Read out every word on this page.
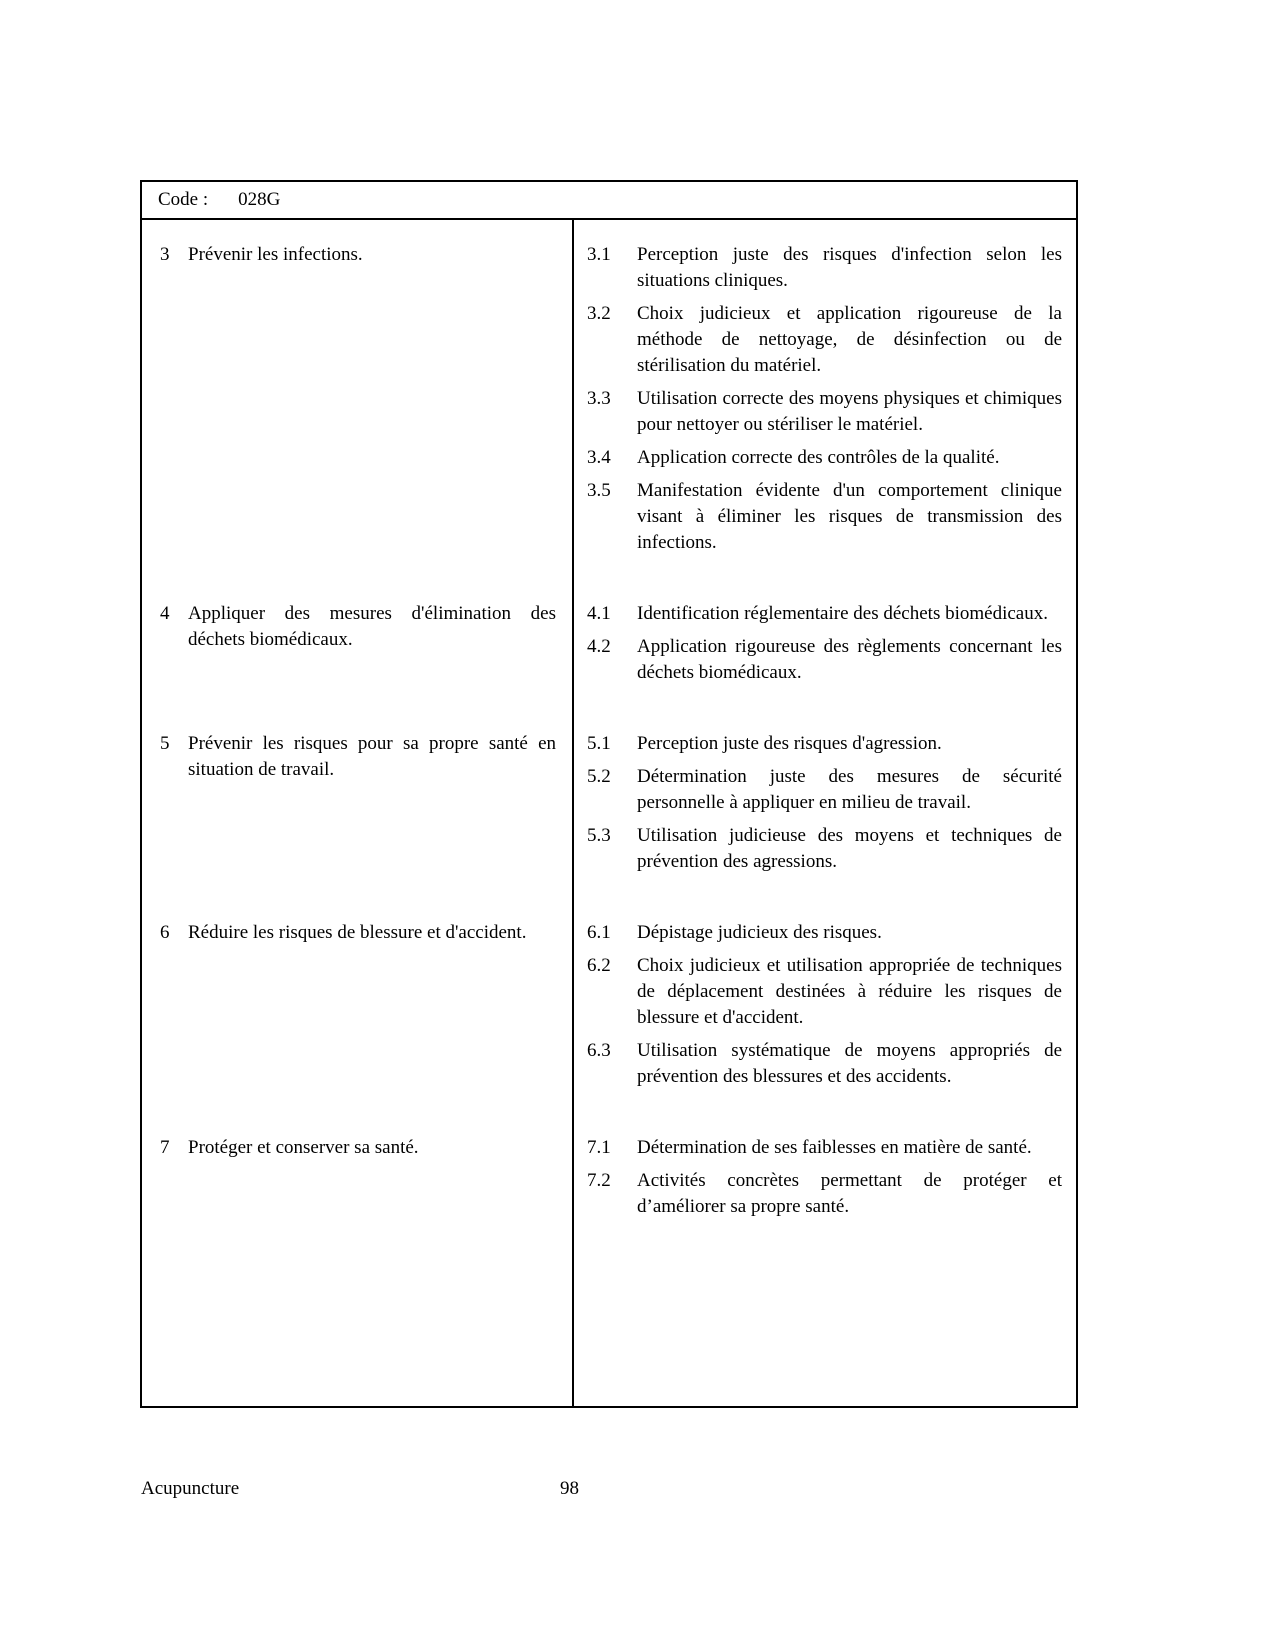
Code : 028G
3 Prévenir les infections.	3.1	Perception juste des risques d'infection selon les situations cliniques.
3.2	Choix judicieux et application rigoureuse de la méthode de nettoyage, de désinfection ou de stérilisation du matériel.
3.3	Utilisation correcte des moyens physiques et chimiques pour nettoyer ou stériliser le matériel.
3.4	Application correcte des contrôles de la qualité.
3.5	Manifestation évidente d'un comportement clinique visant à éliminer les risques de transmission des infections.
4 Appliquer des mesures d'élimination des déchets biomédicaux.
4.1	Identification réglementaire des déchets biomédicaux.
4.2	Application rigoureuse des règlements concernant les déchets biomédicaux.
5 Prévenir les risques pour sa propre santé en situation de travail.
5.1	Perception juste des risques d'agression.
5.2	Détermination juste des mesures de sécurité personnelle à appliquer en milieu de travail.
5.3	Utilisation judicieuse des moyens et techniques de prévention des agressions.
6 Réduire les risques de blessure et d'accident.	6.1	Dépistage judicieux des risques.
6.2	Choix judicieux et utilisation appropriée de techniques de déplacement destinées à réduire les risques de blessure et d'accident.
6.3	Utilisation systématique de moyens appropriés de prévention des blessures et des accidents.
7 Protéger et conserver sa santé.	7.1	Détermination de ses faiblesses en matière de santé.
7.2	Activités concrètes permettant de protéger et d’améliorer sa propre santé.
Acupuncture	98
